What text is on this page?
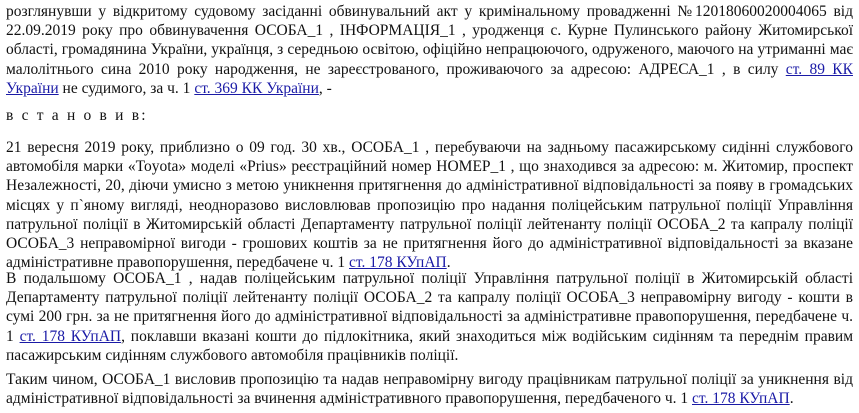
розглянувши у відкритому судовому засіданні обвинувальний акт у кримінальному провадженні №12018060020004065 від 22.09.2019 року про обвинувачення ОСОБА_1 , ІНФОРМАЦІЯ_1 , уродженця с. Курне Пулинського району Житомирської області, громадянина України, українця, з середньою освітою, офіційно непрацюючого, одруженого, маючого на утриманні має малолітнього сина 2010 року народження, не зареєстрованого, проживаючого за адресою: АДРЕСА_1 , в силу ст. 89 КК України не судимого, за ч. 1 ст. 369 КК України, -

в с т а н о в и в:

21 вересня 2019 року, приблизно о 09 год. 30 хв., ОСОБА_1 , перебуваючи на задньому пасажирському сидінні службового автомобіля марки «Toyota» моделі «Prius» реєстраційний номер НОМЕР_1 , що знаходився за адресою: м. Житомир, проспект Незалежності, 20, діючи умисно з метою уникнення притягнення до адміністративної відповідальності за появу в громадських місцях у п`яному вигляді, неодноразово висловлював пропозицію про надання поліцейським патрульної поліції Управління патрульної поліції в Житомирській області Департаменту патрульної поліції лейтенанту поліції ОСОБА_2 та капралу поліції ОСОБА_3 неправомірної вигоди - грошових коштів за не притягнення його до адміністративної відповідальності за вказане адміністративне правопорушення, передбачене ч. 1 ст. 178 КУпАП.

В подальшому ОСОБА_1 , надав поліцейським патрульної поліції Управління патрульної поліції в Житомирській області Департаменту патрульної поліції лейтенанту поліції ОСОБА_2 та капралу поліції ОСОБА_3 неправомірну вигоду - кошти в сумі 200 грн. за не притягнення його до адміністративної відповідальності за адміністративне правопорушення, передбачене ч. 1 ст. 178 КУпАП, поклавши вказані кошти до підлокітника, який знаходиться між водійським сидінням та переднім правим пасажирським сидінням службового автомобіля працівників поліції.

Таким чином, ОСОБА_1 висловив пропозицію та надав неправомірну вигоду працівникам патрульної поліції за уникнення від адміністративної відповідальності за вчинення адміністративного правопорушення, передбаченого ч. 1 ст. 178 КУпАП.
